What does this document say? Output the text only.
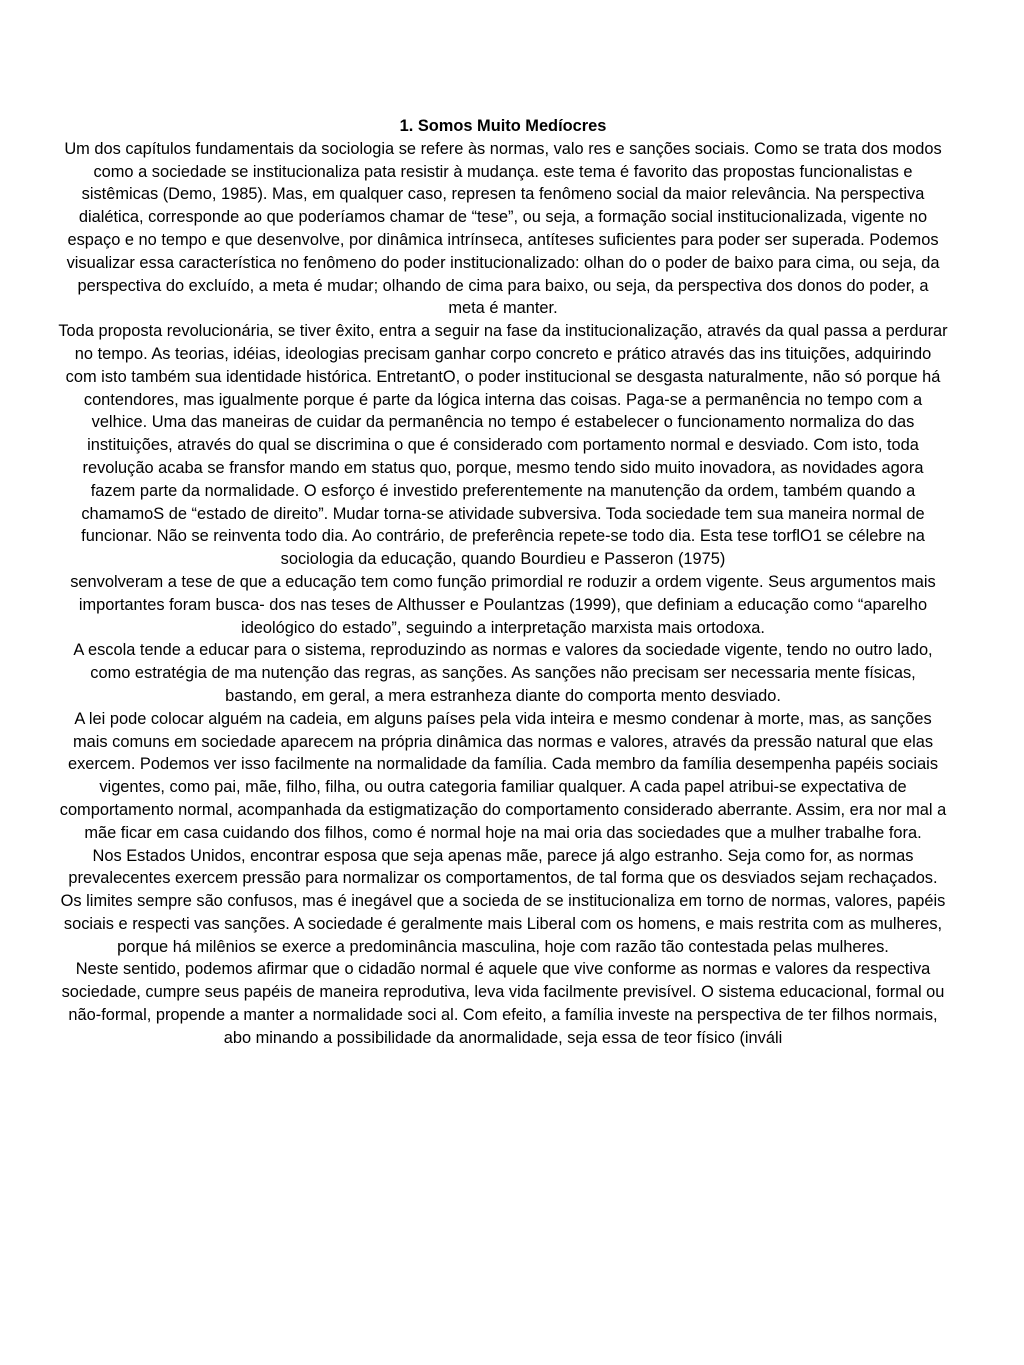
1. Somos Muito Medíocres

Um dos capítulos fundamentais da sociologia se refere às normas, valo res e sanções sociais. Como se trata dos modos como a sociedade se institucionaliza pata resistir à mudança. este tema é favorito das propostas funcionalistas e sistêmicas (Demo, 1985). Mas, em qualquer caso, represen ta fenômeno social da maior relevância. Na perspectiva dialética, corresponde ao que poderíamos chamar de “tese”, ou seja, a formação social institucionalizada, vigente no espaço e no tempo e que desenvolve, por dinâmica intrínseca, antíteses suficientes para poder ser superada. Podemos visualizar essa característica no fenômeno do poder institucionalizado: olhan do o poder de baixo para cima, ou seja, da perspectiva do excluído, a meta é mudar; olhando de cima para baixo, ou seja, da perspectiva dos donos do poder, a meta é manter.

Toda proposta revolucionária, se tiver êxito, entra a seguir na fase da institucionalização, através da qual passa a perdurar no tempo. As teorias, idéias, ideologias precisam ganhar corpo concreto e prático através das ins tituições, adquirindo com isto também sua identidade histórica. EntretantO, o poder institucional se desgasta naturalmente, não só porque há contendores, mas igualmente porque é parte da lógica interna das coisas. Paga-se a permanência no tempo com a velhice. Uma das maneiras de cuidar da permanência no tempo é estabelecer o funcionamento normaliza do das instituições, através do qual se discrimina o que é considerado com portamento normal e desviado. Com isto, toda revolução acaba se fransfor mando em status quo, porque, mesmo tendo sido muito inovadora, as novidades agora fazem parte da normalidade. O esforço é investido preferentemente na manutenção da ordem, também quando a chamamoS de “estado de direito”. Mudar torna-se atividade subversiva. Toda sociedade tem sua maneira normal de funcionar. Não se reinventa todo dia. Ao contrário, de preferência repete-se todo dia. Esta tese torflO1 se célebre na sociologia da educação, quando Bourdieu e Passeron (1975)

senvolveram a tese de que a educação tem como função primordial re roduzir a ordem vigente. Seus argumentos mais importantes foram busca- dos nas teses de Althusser e Poulantzas (1999), que definiam a educação como “aparelho ideológico do estado”, seguindo a interpretação marxista mais ortodoxa.

A escola tende a educar para o sistema, reproduzindo as normas e valores da sociedade vigente, tendo no outro lado, como estratégia de ma nutenção das regras, as sanções. As sanções não precisam ser necessaria mente físicas, bastando, em geral, a mera estranheza diante do comporta mento desviado.

A lei pode colocar alguém na cadeia, em alguns países pela vida inteira e mesmo condenar à morte, mas, as sanções mais comuns em sociedade aparecem na própria dinâmica das normas e valores, através da pressão natural que elas exercem. Podemos ver isso facilmente na normalidade da família. Cada membro da família desempenha papéis sociais vigentes, como pai, mãe, filho, filha, ou outra categoria familiar qualquer. A cada papel atribui-se expectativa de comportamento normal, acompanhada da estigmatização do comportamento considerado aberrante. Assim, era nor mal a mãe ficar em casa cuidando dos filhos, como é normal hoje na mai oria das sociedades que a mulher trabalhe fora.

Nos Estados Unidos, encontrar esposa que seja apenas mãe, parece já algo estranho. Seja como for, as normas prevalecentes exercem pressão para normalizar os comportamentos, de tal forma que os desviados sejam rechaçados. Os limites sempre são confusos, mas é inegável que a socieda de se institucionaliza em torno de normas, valores, papéis sociais e respecti vas sanções. A sociedade é geralmente mais Liberal com os homens, e mais restrita com as mulheres, porque há milênios se exerce a predominância masculina, hoje com razão tão contestada pelas mulheres.

Neste sentido, podemos afirmar que o cidadão normal é aquele que vive conforme as normas e valores da respectiva sociedade, cumpre seus papéis de maneira reprodutiva, leva vida facilmente previsível. O sistema educacional, formal ou não-formal, propende a manter a normalidade soci al. Com efeito, a família investe na perspectiva de ter filhos normais, abo minando a possibilidade da anormalidade, seja essa de teor físico (inváli
